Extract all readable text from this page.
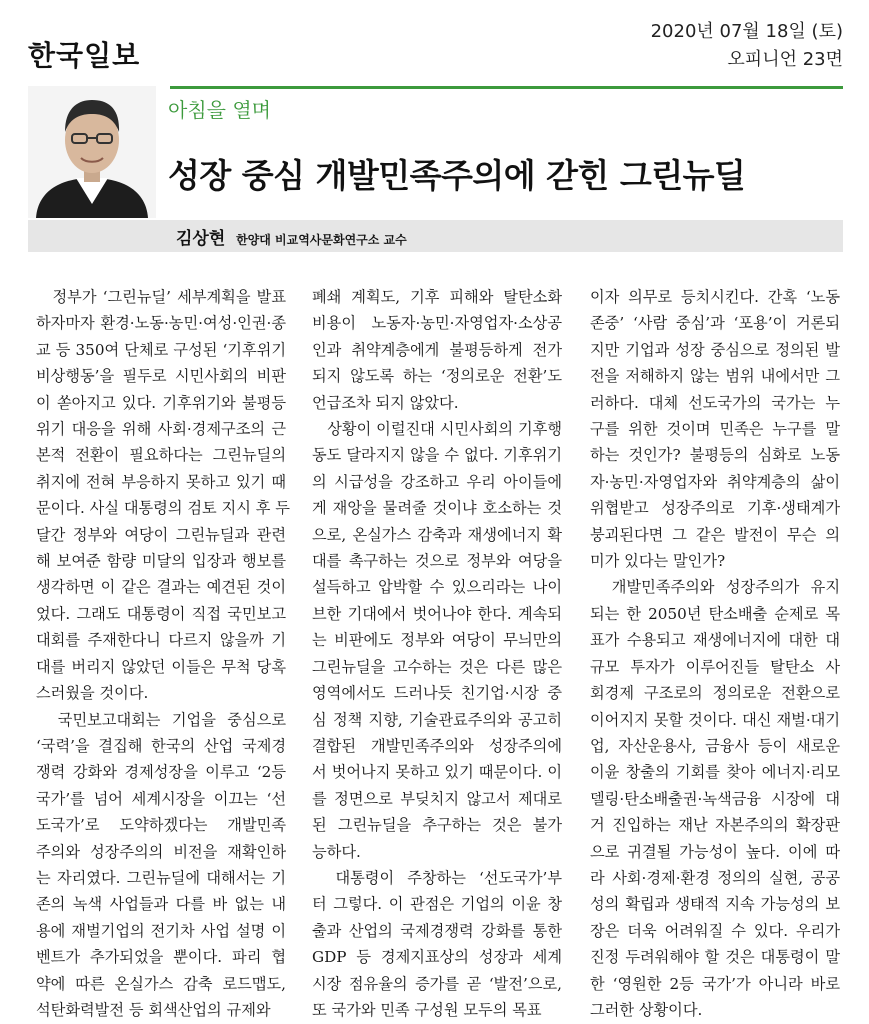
한국일보
2020년 07월 18일 (토)
오피니언 23면
아침을 열며
성장 중심 개발민족주의에 갇힌 그린뉴딜
김상현 한양대 비교역사문화연구소 교수
　정부가 ‘그린뉴딜’ 세부계획을 발표
하자마자 환경·노동·농민·여성·인권·종
교 등 350여 단체로 구성된 ‘기후위기
비상행동’을 필두로 시민사회의 비판
이 쏟아지고 있다. 기후위기와 불평등
위기 대응을 위해 사회·경제구조의 근
본적 전환이 필요하다는 그린뉴딜의
취지에 전혀 부응하지 못하고 있기 때
문이다. 사실 대통령의 검토 지시 후 두
달간 정부와 여당이 그린뉴딜과 관련
해 보여준 함량 미달의 입장과 행보를
생각하면 이 같은 결과는 예견된 것이
었다. 그래도 대통령이 직접 국민보고
대회를 주재한다니 다르지 않을까 기
대를 버리지 않았던 이들은 무척 당혹
스러웠을 것이다.
　국민보고대회는 기업을 중심으로
‘국력’을 결집해 한국의 산업 국제경
쟁력 강화와 경제성장을 이루고 ‘2등
국가’를 넘어 세계시장을 이끄는 ‘선
도국가’로 도약하겠다는 개발민족
주의와 성장주의의 비전을 재확인하
는 자리였다. 그린뉴딜에 대해서는 기
존의 녹색 사업들과 다를 바 없는 내
용에 재벌기업의 전기차 사업 설명 이
벤트가 추가되었을 뿐이다. 파리 협
약에 따른 온실가스 감축 로드맵도,
석탄화력발전 등 회색산업의 규제와
폐쇄 계획도, 기후 피해와 탈탄소화
비용이 노동자·농민·자영업자·소상공
인과 취약계층에게 불평등하게 전가
되지 않도록 하는 ‘정의로운 전환’도
언급조차 되지 않았다.
　상황이 이럴진대 시민사회의 기후행
동도 달라지지 않을 수 없다. 기후위기
의 시급성을 강조하고 우리 아이들에
게 재앙을 물려줄 것이냐 호소하는 것
으로, 온실가스 감축과 재생에너지 확
대를 촉구하는 것으로 정부와 여당을
설득하고 압박할 수 있으리라는 나이
브한 기대에서 벗어나야 한다. 계속되
는 비판에도 정부와 여당이 무늬만의
그린뉴딜을 고수하는 것은 다른 많은
영역에서도 드러나듯 친기업·시장 중
심 정책 지향, 기술관료주의와 공고히
결합된 개발민족주의와 성장주의에
서 벗어나지 못하고 있기 때문이다. 이
를 정면으로 부딪치지 않고서 제대로
된 그린뉴딜을 추구하는 것은 불가
능하다.
　대통령이 주창하는 ‘선도국가’부
터 그렇다. 이 관점은 기업의 이윤 창
출과 산업의 국제경쟁력 강화를 통한
GDP 등 경제지표상의 성장과 세계
시장 점유율의 증가를 곧 ‘발전’으로,
또 국가와 민족 구성원 모두의 목표
이자 의무로 등치시킨다. 간혹 ‘노동
존중’ ‘사람 중심’과 ‘포용’이 거론되
지만 기업과 성장 중심으로 정의된 발
전을 저해하지 않는 범위 내에서만 그
러하다. 대체 선도국가의 국가는 누
구를 위한 것이며 민족은 누구를 말
하는 것인가? 불평등의 심화로 노동
자·농민·자영업자와 취약계층의 삶이
위협받고 성장주의로 기후·생태계가
붕괴된다면 그 같은 발전이 무슨 의
미가 있다는 말인가?
　개발민족주의와 성장주의가 유지
되는 한 2050년 탄소배출 순제로 목
표가 수용되고 재생에너지에 대한 대
규모 투자가 이루어진들 탈탄소 사
회경제 구조로의 정의로운 전환으로
이어지지 못할 것이다. 대신 재벌·대기
업, 자산운용사, 금융사 등이 새로운
이윤 창출의 기회를 찾아 에너지·리모
델링·탄소배출권·녹색금융 시장에 대
거 진입하는 재난 자본주의의 확장판
으로 귀결될 가능성이 높다. 이에 따
라 사회·경제·환경 정의의 실현, 공공
성의 확립과 생태적 지속 가능성의 보
장은 더욱 어려워질 수 있다. 우리가
진정 두려워해야 할 것은 대통령이 말
한 ‘영원한 2등 국가’가 아니라 바로
그러한 상황이다.
